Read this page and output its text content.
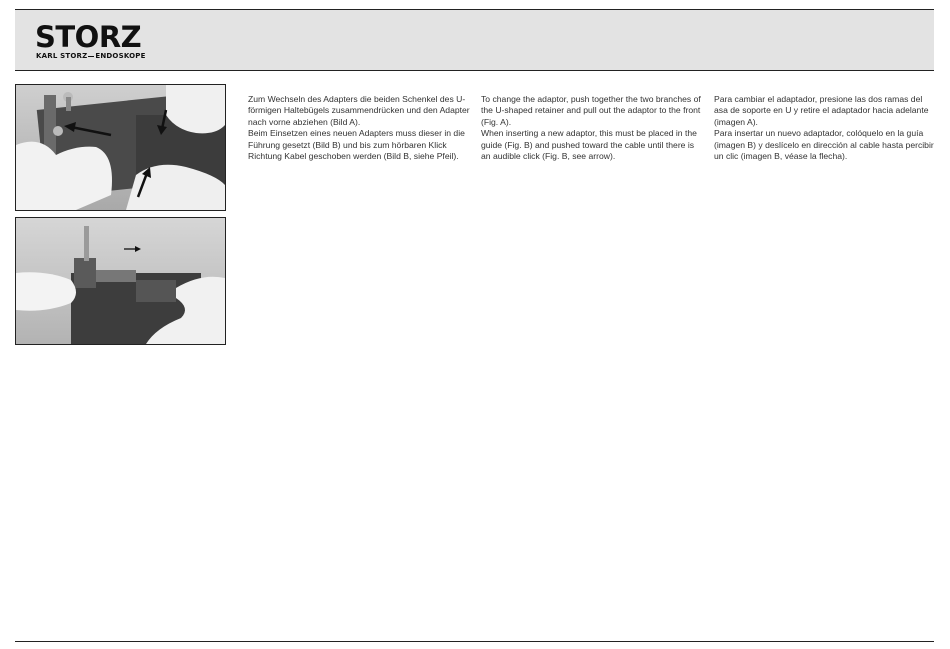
STORZ
KARL STORZ ENDOSKOPE

Zum Wechseln des Adapters die beiden Schenkel des U-förmigen Haltebügels zusammendrücken und den Adapter nach vorne abziehen (Bild A).

Beim Einsetzen eines neuen Adapters muss dieser in die Führung gesetzt (Bild B) und bis zum hörbaren Klick Richtung Kabel geschoben werden (Bild B, siehe Pfeil).

To change the adaptor, push together the two branches of the U-shaped retainer and pull out the adaptor to the front (Fig. A).

When inserting a new adaptor, this must be placed in the guide (Fig. B) and pushed toward the cable until there is an audible click (Fig. B, see arrow).

Para cambiar el adaptador, presione las dos ramas del asa de soporte en U y retire el adaptador hacia adelante (imagen A).

Para insertar un nuevo adaptador, colóquelo en la guía (imagen B) y deslícelo en dirección al cable hasta percibir un clic (imagen B, véase la flecha).
